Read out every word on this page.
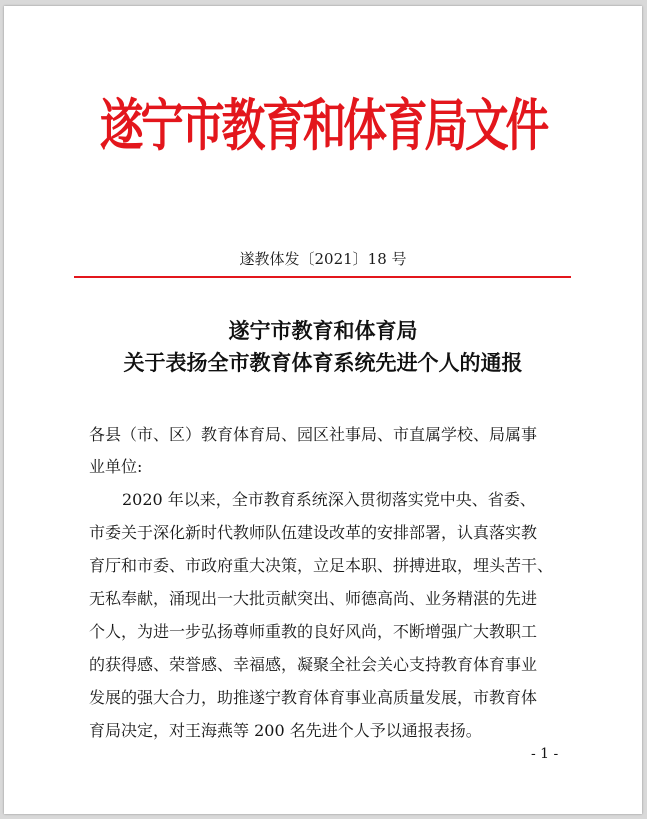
遂宁市教育和体育局文件
遂教体发〔2021〕18 号
遂宁市教育和体育局
关于表扬全市教育体育系统先进个人的通报
各县（市、区）教育体育局、园区社事局、市直属学校、局属事
业单位:
2020 年以来，全市教育系统深入贯彻落实党中央、省委、
市委关于深化新时代教师队伍建设改革的安排部署，认真落实教
育厅和市委、市政府重大决策，立足本职、拼搏进取，埋头苦干、
无私奉献，涌现出一大批贡献突出、师德高尚、业务精湛的先进
个人，为进一步弘扬尊师重教的良好风尚，不断增强广大教职工
的获得感、荣誉感、幸福感，凝聚全社会关心支持教育体育事业
发展的强大合力，助推遂宁教育体育事业高质量发展，市教育体
育局决定，对王海燕等 200 名先进个人予以通报表扬。
- 1 -
